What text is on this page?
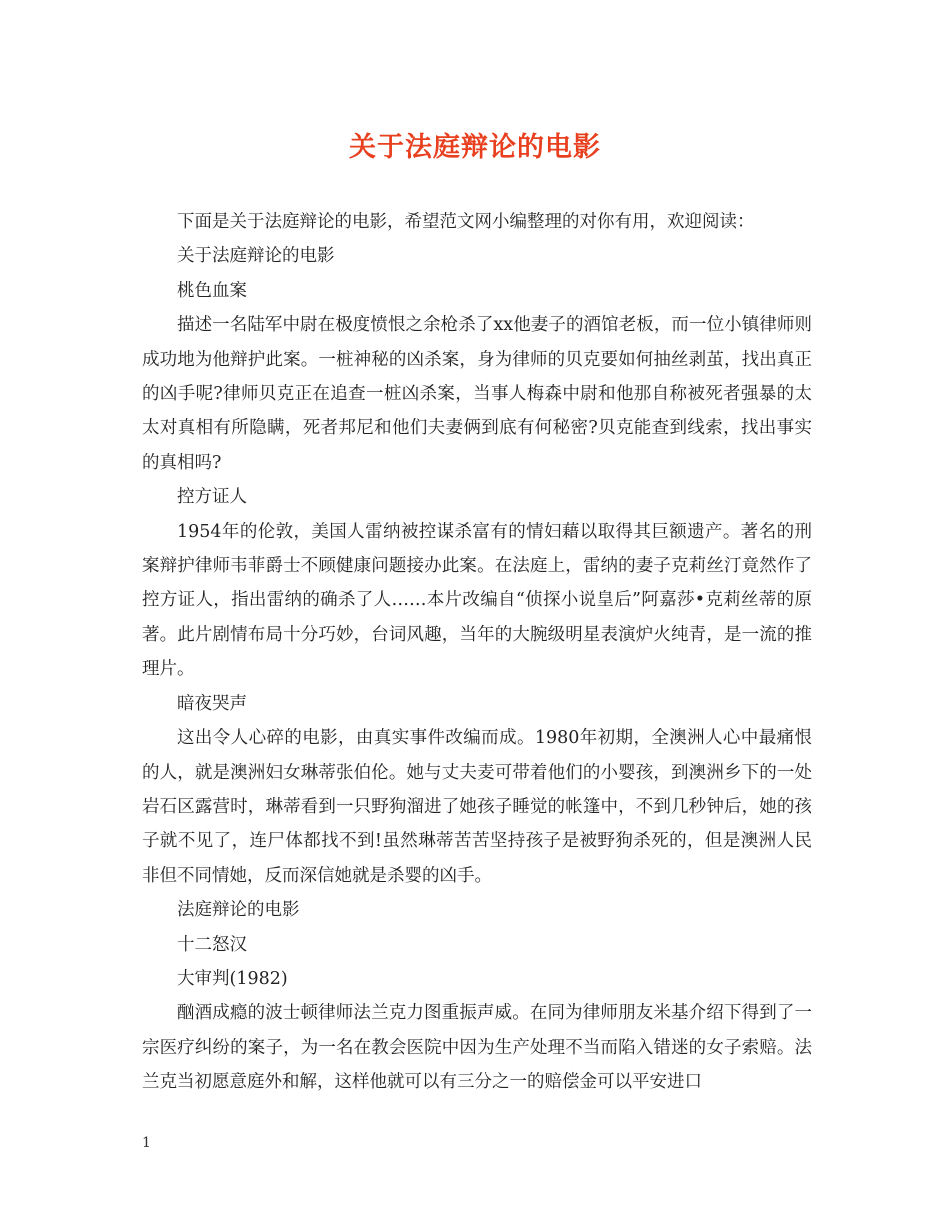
关于法庭辩论的电影

下面是关于法庭辩论的电影，希望范文网小编整理的对你有用，欢迎阅读：

关于法庭辩论的电影

桃色血案

描述一名陆军中尉在极度愤恨之余枪杀了xx他妻子的酒馆老板，而一位小镇律师则成功地为他辩护此案。一桩神秘的凶杀案，身为律师的贝克要如何抽丝剥茧，找出真正的凶手呢?律师贝克正在追查一桩凶杀案，当事人梅森中尉和他那自称被死者强暴的太太对真相有所隐瞒，死者邦尼和他们夫妻俩到底有何秘密?贝克能查到线索，找出事实的真相吗?

控方证人

1954年的伦敦，美国人雷纳被控谋杀富有的情妇藉以取得其巨额遗产。著名的刑案辩护律师韦菲爵士不顾健康问题接办此案。在法庭上，雷纳的妻子克莉丝汀竟然作了控方证人，指出雷纳的确杀了人……本片改编自“侦探小说皇后”阿嘉莎•克莉丝蒂的原著。此片剧情布局十分巧妙，台词风趣，当年的大腕级明星表演炉火纯青，是一流的推理片。

暗夜哭声

这出令人心碎的电影，由真实事件改编而成。1980年初期，全澳洲人心中最痛恨的人，就是澳洲妇女琳蒂张伯伦。她与丈夫麦可带着他们的小婴孩，到澳洲乡下的一处岩石区露营时，琳蒂看到一只野狗溜进了她孩子睡觉的帐篷中，不到几秒钟后，她的孩子就不见了，连尸体都找不到!虽然琳蒂苦苦坚持孩子是被野狗杀死的，但是澳洲人民非但不同情她，反而深信她就是杀婴的凶手。

法庭辩论的电影

十二怒汉

大审判(1982)

酗酒成瘾的波士顿律师法兰克力图重振声威。在同为律师朋友米基介绍下得到了一宗医疗纠纷的案子，为一名在教会医院中因为生产处理不当而陷入错迷的女子索赔。法兰克当初愿意庭外和解，这样他就可以有三分之一的赔偿金可以平安进口

1
